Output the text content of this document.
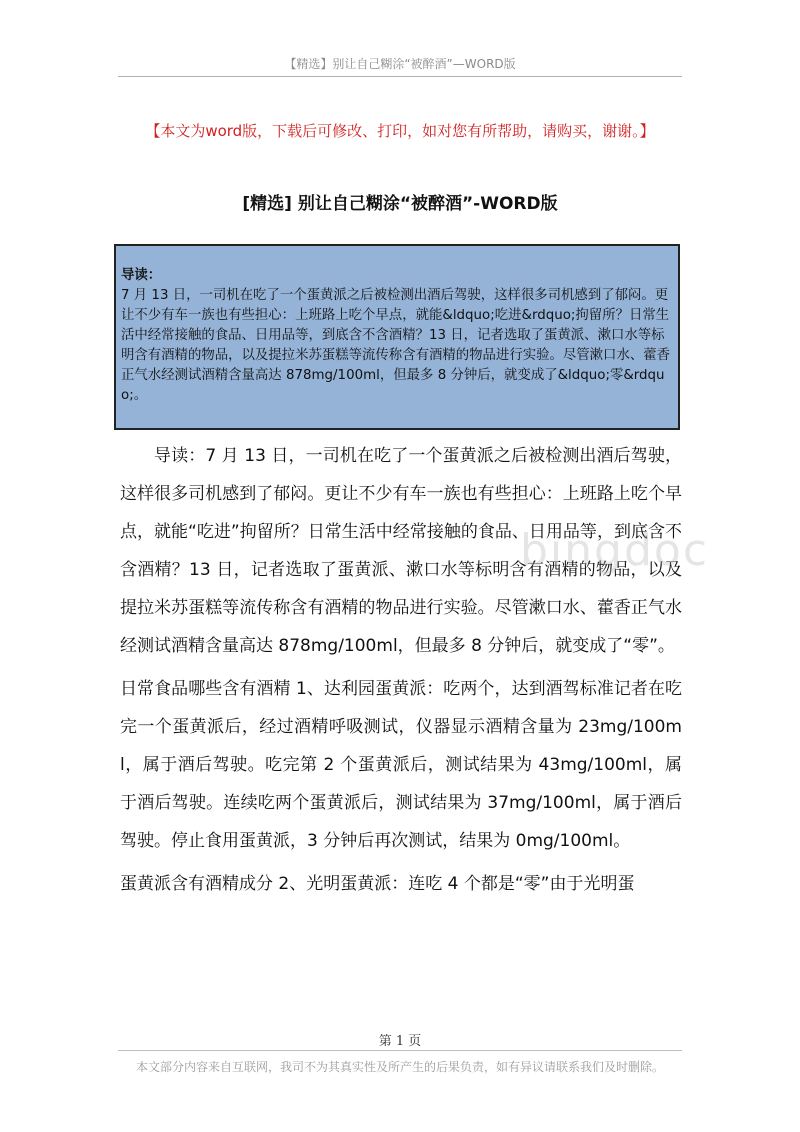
【精选】别让自己糊涂“被醉酒”—WORD版
【本文为word版，下载后可修改、打印，如对您有所帮助，请购买，谢谢。】
[精选] 别让自己糊涂“被醉酒”-WORD版
导读：
7 月 13 日，一司机在吃了一个蛋黄派之后被检测出酒后驾驶，这样很多司机感到了郁闷。更让不少有车一族也有些担心：上班路上吃个早点，就能&ldquo;吃进&rdquo;拘留所？日常生活中经常接触的食品、日用品等，到底含不含酒精？13 日，记者选取了蛋黄派、漱口水等标明含有酒精的物品，以及提拉米苏蛋糕等流传称含有酒精的物品进行实验。尽管漱口水、藿香正气水经测试酒精含量高达 878mg/100ml，但最多 8 分钟后，就变成了&ldquo;零&rdquo;。

导读：7 月 13 日，一司机在吃了一个蛋黄派之后被检测出酒后驾驶，这样很多司机感到了郁闷。更让不少有车一族也有些担心：上班路上吃个早点，就能“吃进”拘留所？日常生活中经常接触的食品、日用品等，到底含不含酒精？13 日，记者选取了蛋黄派、漱口水等标明含有酒精的物品，以及提拉米苏蛋糕等流传称含有酒精的物品进行实验。尽管漱口水、藿香正气水经测试酒精含量高达 878mg/100ml，但最多 8 分钟后，就变成了“零”。

日常食品哪些含有酒精 1、达利园蛋黄派：吃两个，达到酒驾标准记者在吃完一个蛋黄派后，经过酒精呼吸测试，仪器显示酒精含量为 23mg/100ml，属于酒后驾驶。吃完第 2 个蛋黄派后，测试结果为 43mg/100ml，属于酒后驾驶。连续吃两个蛋黄派后，测试结果为 37mg/100ml，属于酒后驾驶。停止食用蛋黄派，3 分钟后再次测试，结果为 0mg/100ml。

蛋黄派含有酒精成分 2、光明蛋黄派：连吃 4 个都是“零”由于光明蛋

bingdoc
第 1 页
本文部分内容来自互联网，我司不为其真实性及所产生的后果负责，如有异议请联系我们及时删除。
